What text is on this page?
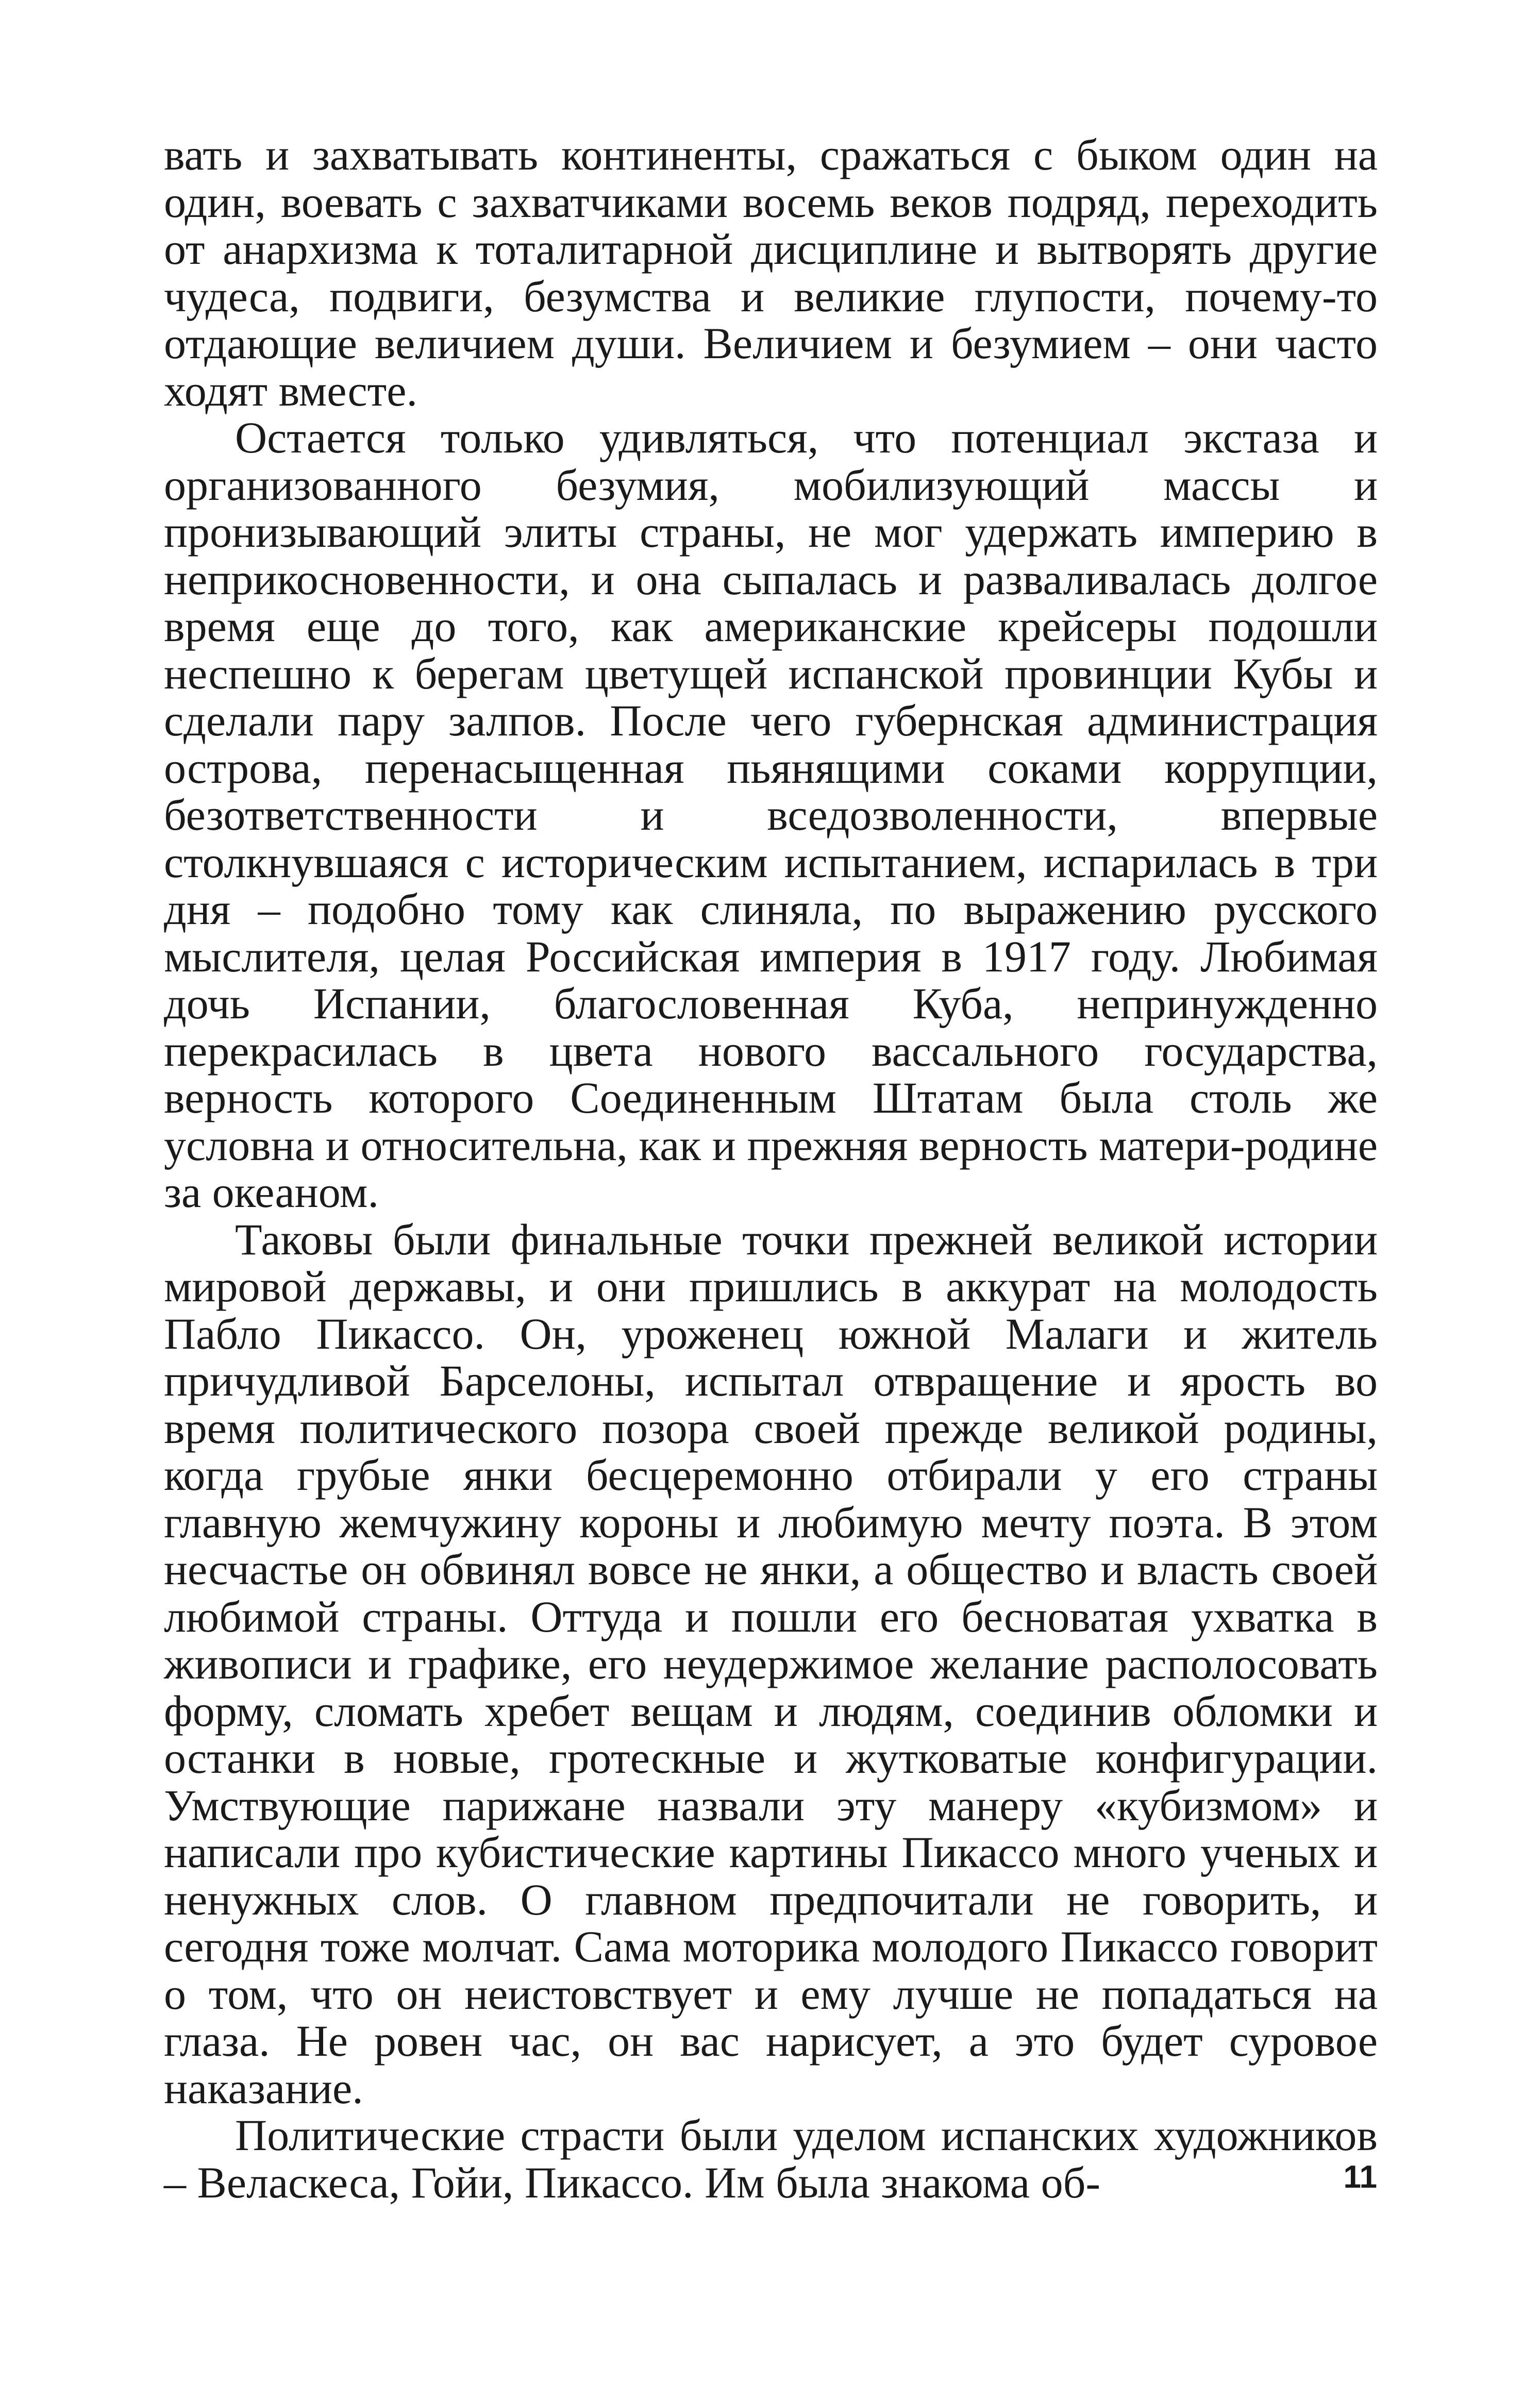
вать и захватывать континенты, сражаться с быком один на один, воевать с захватчиками восемь веков подряд, переходить от анархизма к тоталитарной дисциплине и вытворять другие чудеса, подвиги, безумства и великие глупости, почему-то отдающие величием души. Величием и безумием – они часто ходят вместе.

Остается только удивляться, что потенциал экстаза и организованного безумия, мобилизующий массы и пронизывающий элиты страны, не мог удержать империю в неприкосновенности, и она сыпалась и разваливалась долгое время еще до того, как американские крейсеры подошли неспешно к берегам цветущей испанской провинции Кубы и сделали пару залпов. После чего губернская администрация острова, перенасыщенная пьянящими соками коррупции, безответственности и вседозволенности, впервые столкнувшаяся с историческим испытанием, испарилась в три дня – подобно тому как слиняла, по выражению русского мыслителя, целая Российская империя в 1917 году. Любимая дочь Испании, благословенная Куба, непринужденно перекрасилась в цвета нового вассального государства, верность которого Соединенным Штатам была столь же условна и относительна, как и прежняя верность матери-родине за океаном.

Таковы были финальные точки прежней великой истории мировой державы, и они пришлись в аккурат на молодость Пабло Пикассо. Он, уроженец южной Малаги и житель причудливой Барселоны, испытал отвращение и ярость во время политического позора своей прежде великой родины, когда грубые янки бесцеремонно отбирали у его страны главную жемчужину короны и любимую мечту поэта. В этом несчастье он обвинял вовсе не янки, а общество и власть своей любимой страны. Оттуда и пошли его бесноватая ухватка в живописи и графике, его неудержимое желание располосовать форму, сломать хребет вещам и людям, соединив обломки и останки в новые, гротескные и жутковатые конфигурации. Умствующие парижане назвали эту манеру «кубизмом» и написали про кубистические картины Пикассо много ученых и ненужных слов. О главном предпочитали не говорить, и сегодня тоже молчат. Сама моторика молодого Пикассо говорит о том, что он неистовствует и ему лучше не попадаться на глаза. Не ровен час, он вас нарисует, а это будет суровое наказание.

Политические страсти были уделом испанских художников – Веласкеса, Гойи, Пикассо. Им была знакома об-	11
